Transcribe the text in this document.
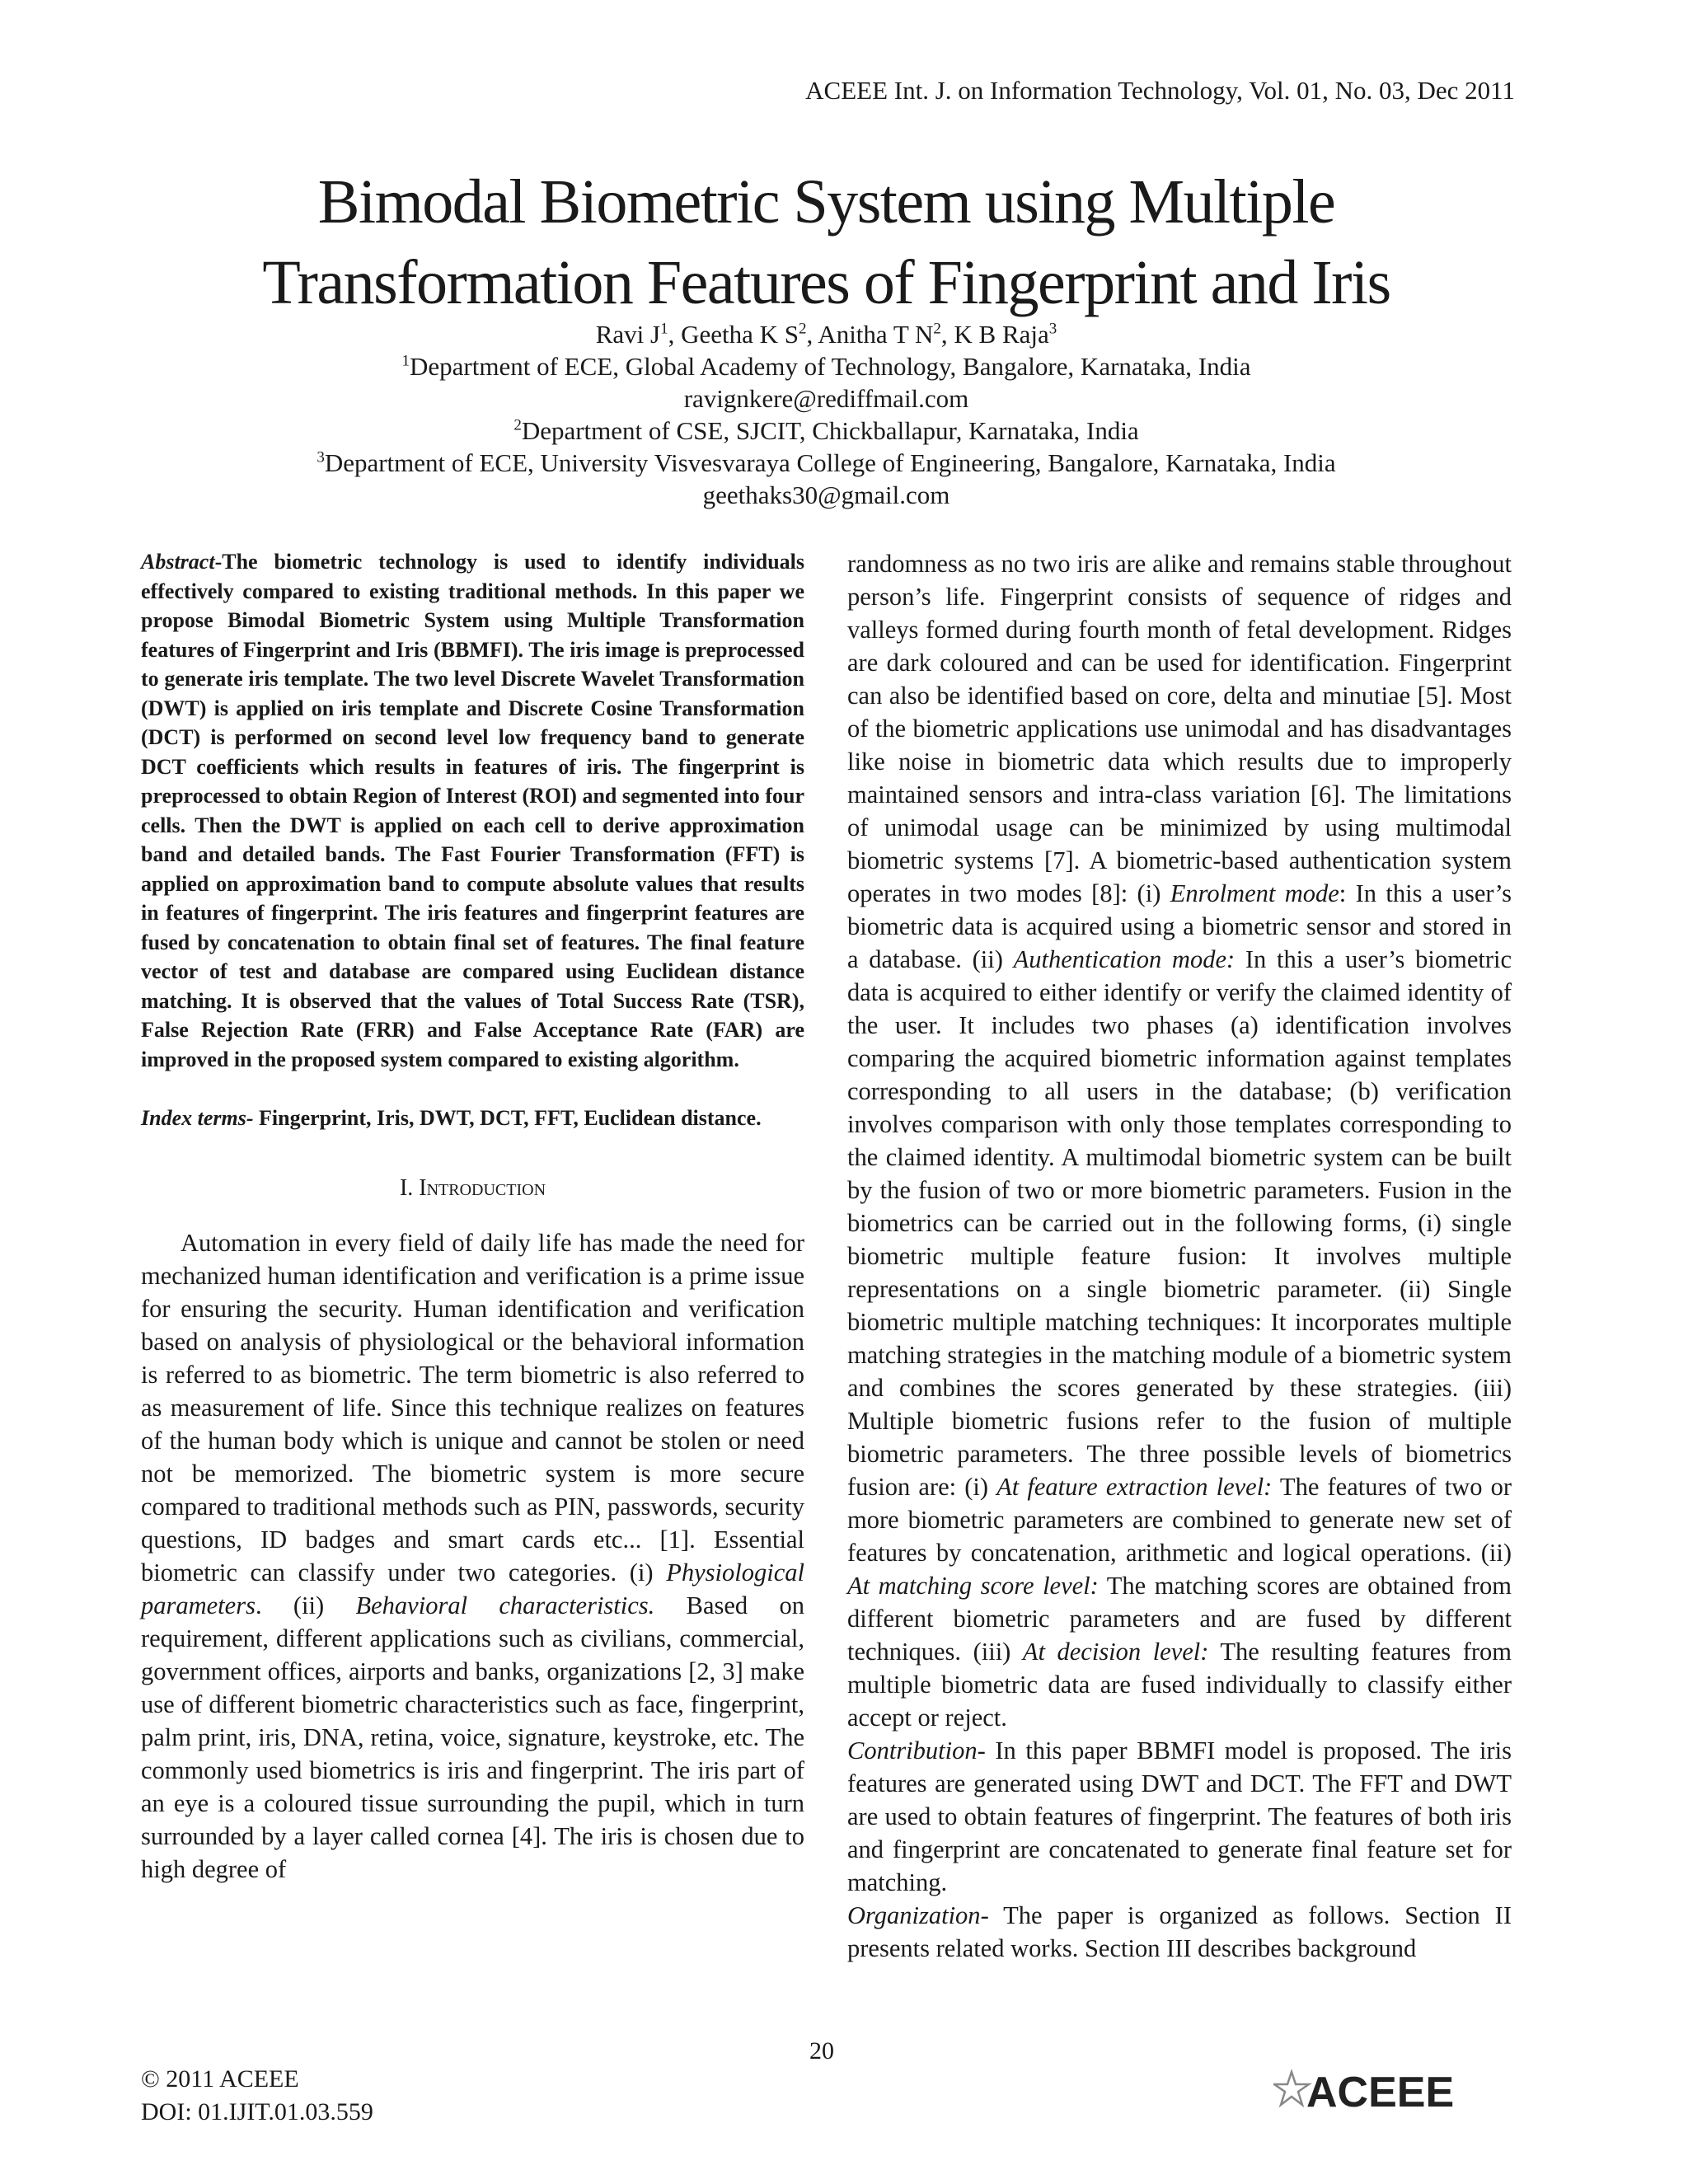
ACEEE Int. J. on Information Technology, Vol. 01, No. 03, Dec 2011
Bimodal Biometric System using Multiple
Transformation Features of Fingerprint and Iris
Ravi $J^1$, Geetha K $S^2$, Anitha T $N^2$, K B Raja$^3$
$^1$Department of ECE, Global Academy of Technology, Bangalore, Karnataka, India
ravignkere@rediffmail.com
$^2$Department of CSE, SJCIT, Chickballapur, Karnataka, India
$^3$Department of ECE, University Visvesvaraya College of Engineering, Bangalore, Karnataka, India
geethaks30@gmail.com

Abstract-The biometric technology is used to identify individuals effectively compared to existing traditional methods. In this paper we propose Bimodal Biometric System using Multiple Transformation features of Fingerprint and Iris (BBMFI). The iris image is preprocessed to generate iris template. The two level Discrete Wavelet Transformation (DWT) is applied on iris template and Discrete Cosine Transformation (DCT) is performed on second level low frequency band to generate DCT coefficients which results in features of iris. The fingerprint is preprocessed to obtain Region of Interest (ROI) and segmented into four cells. Then the DWT is applied on each cell to derive approximation band and detailed bands. The Fast Fourier Transformation (FFT) is applied on approximation band to compute absolute values that results in features of fingerprint. The iris features and fingerprint features are fused by concatenation to obtain final set of features. The final feature vector of test and database are compared using Euclidean distance matching. It is observed that the values of Total Success Rate (TSR), False Rejection Rate (FRR) and False Acceptance Rate (FAR) are improved in the proposed system compared to existing algorithm.

Index terms- Fingerprint, Iris, DWT, DCT, FFT, Euclidean distance.

I. Introduction

Automation in every field of daily life has made the need for mechanized human identification and verification is a prime issue for ensuring the security. Human identification and verification based on analysis of physiological or the behavioral information is referred to as biometric. The term biometric is also referred to as measurement of life. Since this technique realizes on features of the human body which is unique and cannot be stolen or need not be memorized. The biometric system is more secure compared to traditional methods such as PIN, passwords, security questions, ID badges and smart cards etc... [1]. Essential biometric can classify under two categories. (i) Physiological parameters. (ii) Behavioral characteristics. Based on requirement, different applications such as civilians, commercial, government offices, airports and banks, organizations [2, 3] make use of different biometric characteristics such as face, fingerprint, palm print, iris, DNA, retina, voice, signature, keystroke, etc. The commonly used biometrics is iris and fingerprint. The iris part of an eye is a coloured tissue surrounding the pupil, which in turn surrounded by a layer called cornea [4]. The iris is chosen due to high degree of

randomness as no two iris are alike and remains stable throughout person’s life. Fingerprint consists of sequence of ridges and valleys formed during fourth month of fetal development. Ridges are dark coloured and can be used for identification. Fingerprint can also be identified based on core, delta and minutiae [5]. Most of the biometric applications use unimodal and has disadvantages like noise in biometric data which results due to improperly maintained sensors and intra-class variation [6]. The limitations of unimodal usage can be minimized by using multimodal biometric systems [7]. A biometric-based authentication system operates in two modes [8]: (i) Enrolment mode: In this a user’s biometric data is acquired using a biometric sensor and stored in a database. (ii) Authentication mode: In this a user’s biometric data is acquired to either identify or verify the claimed identity of the user. It includes two phases (a) identification involves comparing the acquired biometric information against templates corresponding to all users in the database; (b) verification involves comparison with only those templates corresponding to the claimed identity. A multimodal biometric system can be built by the fusion of two or more biometric parameters. Fusion in the biometrics can be carried out in the following forms, (i) single biometric multiple feature fusion: It involves multiple representations on a single biometric parameter. (ii) Single biometric multiple matching techniques: It incorporates multiple matching strategies in the matching module of a biometric system and combines the scores generated by these strategies. (iii) Multiple biometric fusions refer to the fusion of multiple biometric parameters. The three possible levels of biometrics fusion are: (i) At feature extraction level: The features of two or more biometric parameters are combined to generate new set of features by concatenation, arithmetic and logical operations. (ii) At matching score level: The matching scores are obtained from different biometric parameters and are fused by different techniques. (iii) At decision level: The resulting features from multiple biometric data are fused individually to classify either accept or reject.

Contribution- In this paper BBMFI model is proposed. The iris features are generated using DWT and DCT. The FFT and DWT are used to obtain features of fingerprint. The features of both iris and fingerprint are concatenated to generate final feature set for matching.

Organization- The paper is organized as follows. Section II presents related works. Section III describes background

© 2011 ACEEE
DOI: 01.IJIT.01.03.559
20
ACEEE
